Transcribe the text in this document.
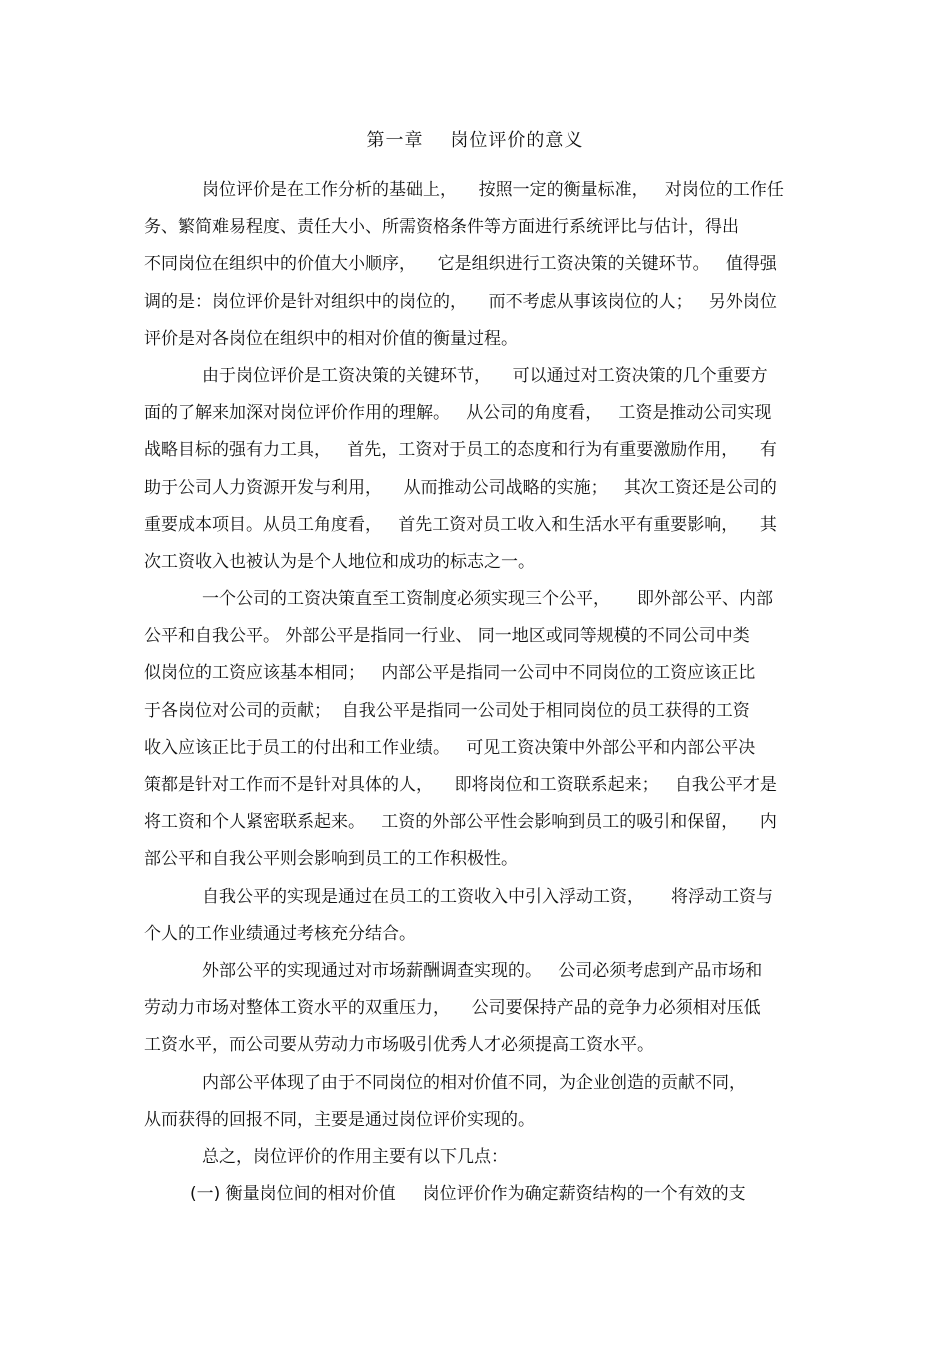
第一章    岗位评价的意义
岗位评价是在工作分析的基础上，    按照一定的衡量标准，   对岗位的工作任
务、繁简难易程度、责任大小、所需资格条件等方面进行系统评比与估计，得出
不同岗位在组织中的价值大小顺序，    它是组织进行工资决策的关键环节。   值得强
调的是：岗位评价是针对组织中的岗位的，    而不考虑从事该岗位的人；   另外岗位
评价是对各岗位在组织中的相对价值的衡量过程。
由于岗位评价是工资决策的关键环节，    可以通过对工资决策的几个重要方
面的了解来加深对岗位评价作用的理解。   从公司的角度看，   工资是推动公司实现
战略目标的强有力工具，   首先，工资对于员工的态度和行为有重要激励作用，    有
助于公司人力资源开发与利用，    从而推动公司战略的实施；   其次工资还是公司的
重要成本项目。从员工角度看，   首先工资对员工收入和生活水平有重要影响，    其
次工资收入也被认为是个人地位和成功的标志之一。
一个公司的工资决策直至工资制度必须实现三个公平，     即外部公平、内部
公平和自我公平。 外部公平是指同一行业、 同一地区或同等规模的不同公司中类
似岗位的工资应该基本相同；   内部公平是指同一公司中不同岗位的工资应该正比
于各岗位对公司的贡献；  自我公平是指同一公司处于相同岗位的员工获得的工资
收入应该正比于员工的付出和工作业绩。   可见工资决策中外部公平和内部公平决
策都是针对工作而不是针对具体的人，    即将岗位和工资联系起来；   自我公平才是
将工资和个人紧密联系起来。   工资的外部公平性会影响到员工的吸引和保留，    内
部公平和自我公平则会影响到员工的工作积极性。
自我公平的实现是通过在员工的工资收入中引入浮动工资，     将浮动工资与
个人的工作业绩通过考核充分结合。
外部公平的实现通过对市场薪酬调查实现的。   公司必须考虑到产品市场和
劳动力市场对整体工资水平的双重压力，    公司要保持产品的竞争力必须相对压低
工资水平，而公司要从劳动力市场吸引优秀人才必须提高工资水平。
内部公平体现了由于不同岗位的相对价值不同，为企业创造的贡献不同，
从而获得的回报不同，主要是通过岗位评价实现的。
总之，岗位评价的作用主要有以下几点：
(一) 衡量岗位间的相对价值     岗位评价作为确定薪资结构的一个有效的支
